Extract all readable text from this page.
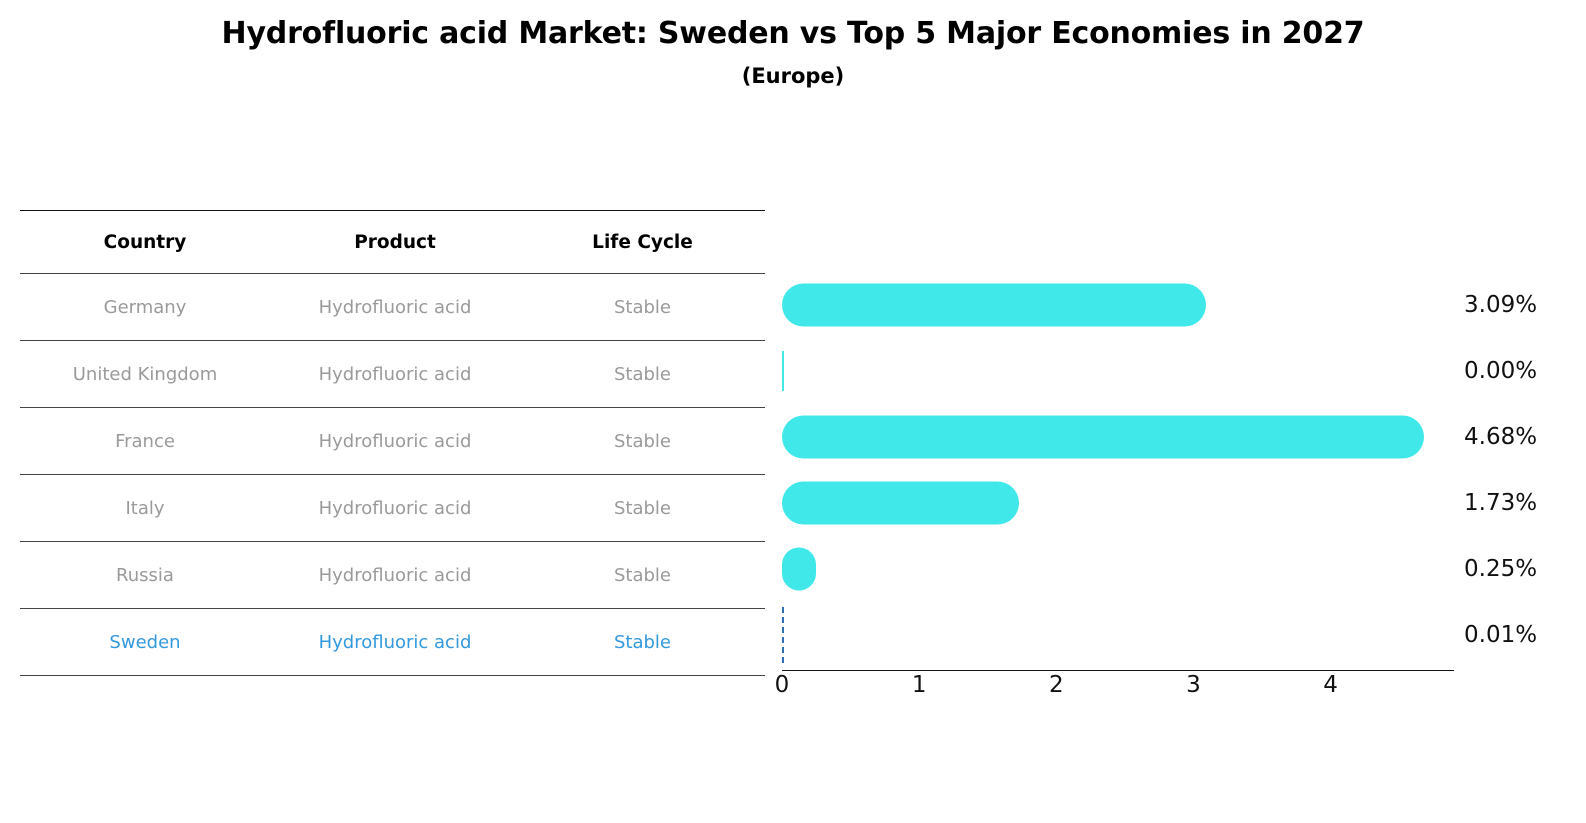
Hydrofluoric acid Market: Sweden vs Top 5 Major Economies in 2027
(Europe)
Country	Product	Life Cycle
Germany	Hydrofluoric acid	Stable
United Kingdom	Hydrofluoric acid	Stable
France	Hydrofluoric acid	Stable
Italy	Hydrofluoric acid	Stable
Russia	Hydrofluoric acid	Stable
Sweden	Hydrofluoric acid	Stable
3.09%
0.00%
4.68%
1.73%
0.25%
0.01%
0	1	2	3	4
